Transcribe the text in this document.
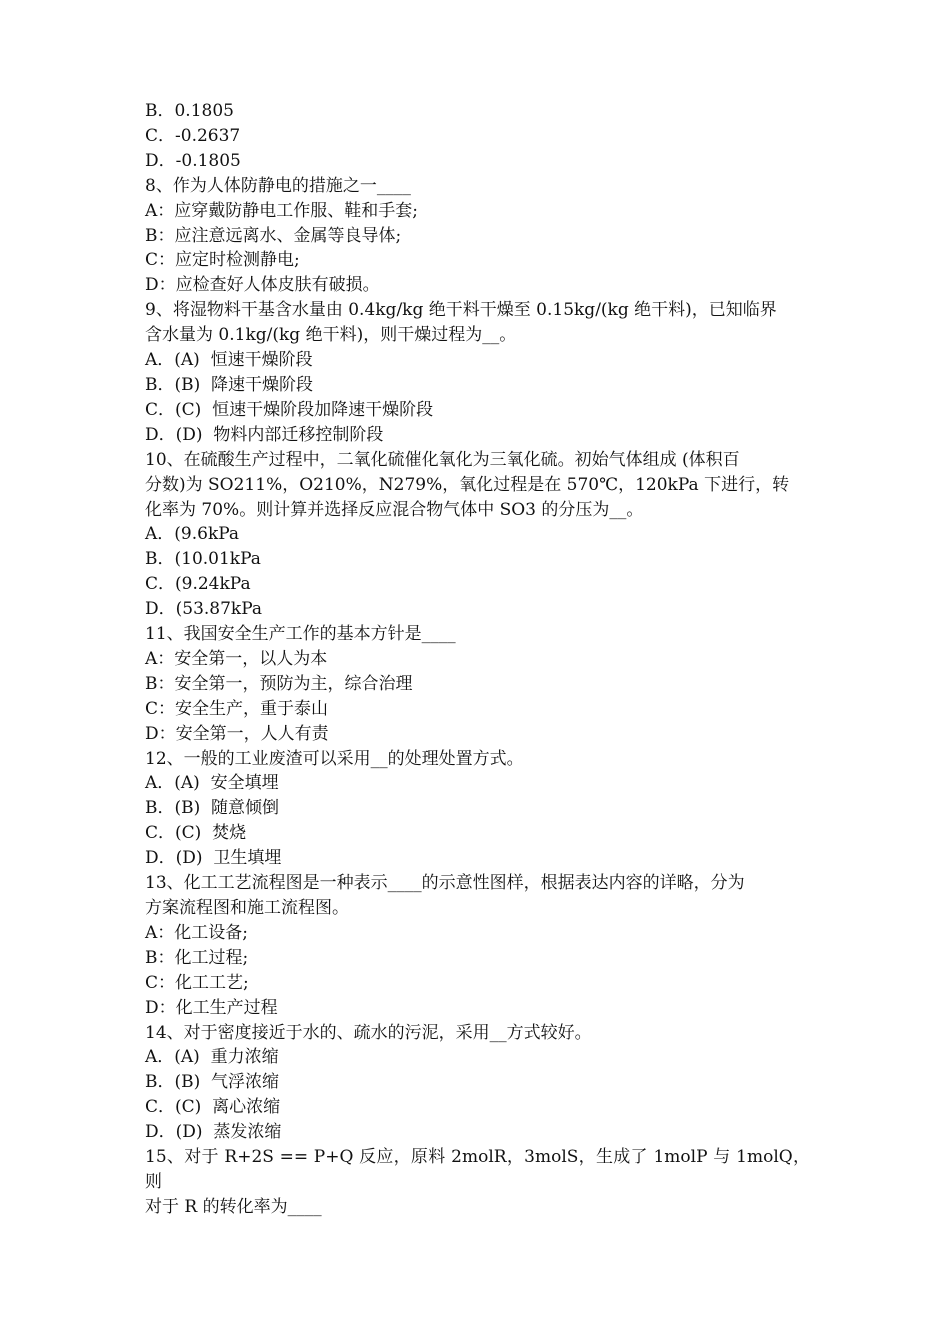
B．0.1805
C．-0.2637
D．-0.1805
8、作为人体防静电的措施之一____
A：应穿戴防静电工作服、鞋和手套;
B：应注意远离水、金属等良导体;
C：应定时检测静电;
D：应检查好人体皮肤有破损。
9、将湿物料干基含水量由 0.4kg/kg 绝干料干燥至 0.15kg/(kg 绝干料)，已知临界
含水量为 0.1kg/(kg 绝干料)，则干燥过程为__。
A．(A)  恒速干燥阶段
B．(B)  降速干燥阶段
C．(C)  恒速干燥阶段加降速干燥阶段
D．(D)  物料内部迁移控制阶段
10、在硫酸生产过程中，二氧化硫催化氧化为三氧化硫。初始气体组成 (体积百
分数)为 SO211%，O210%，N279%，氧化过程是在 570℃，120kPa 下进行，转
化率为 70%。则计算并选择反应混合物气体中 SO3 的分压为__。
A．(9.6kPa
B．(10.01kPa
C．(9.24kPa
D．(53.87kPa
11、我国安全生产工作的基本方针是____
A：安全第一，以人为本
B：安全第一，预防为主，综合治理
C：安全生产，重于泰山
D：安全第一，人人有责
12、一般的工业废渣可以采用__的处理处置方式。
A．(A)  安全填埋
B．(B)  随意倾倒
C．(C)  焚烧
D．(D)  卫生填埋
13、化工工艺流程图是一种表示____的示意性图样，根据表达内容的详略，分为
方案流程图和施工流程图。
A：化工设备;
B：化工过程;
C：化工工艺;
D：化工生产过程
14、对于密度接近于水的、疏水的污泥，采用__方式较好。
A．(A)  重力浓缩
B．(B)  气浮浓缩
C．(C)  离心浓缩
D．(D)  蒸发浓缩
15、对于 R+2S == P+Q 反应，原料 2molR，3molS，生成了 1molP 与 1molQ，则
对于 R 的转化率为____
